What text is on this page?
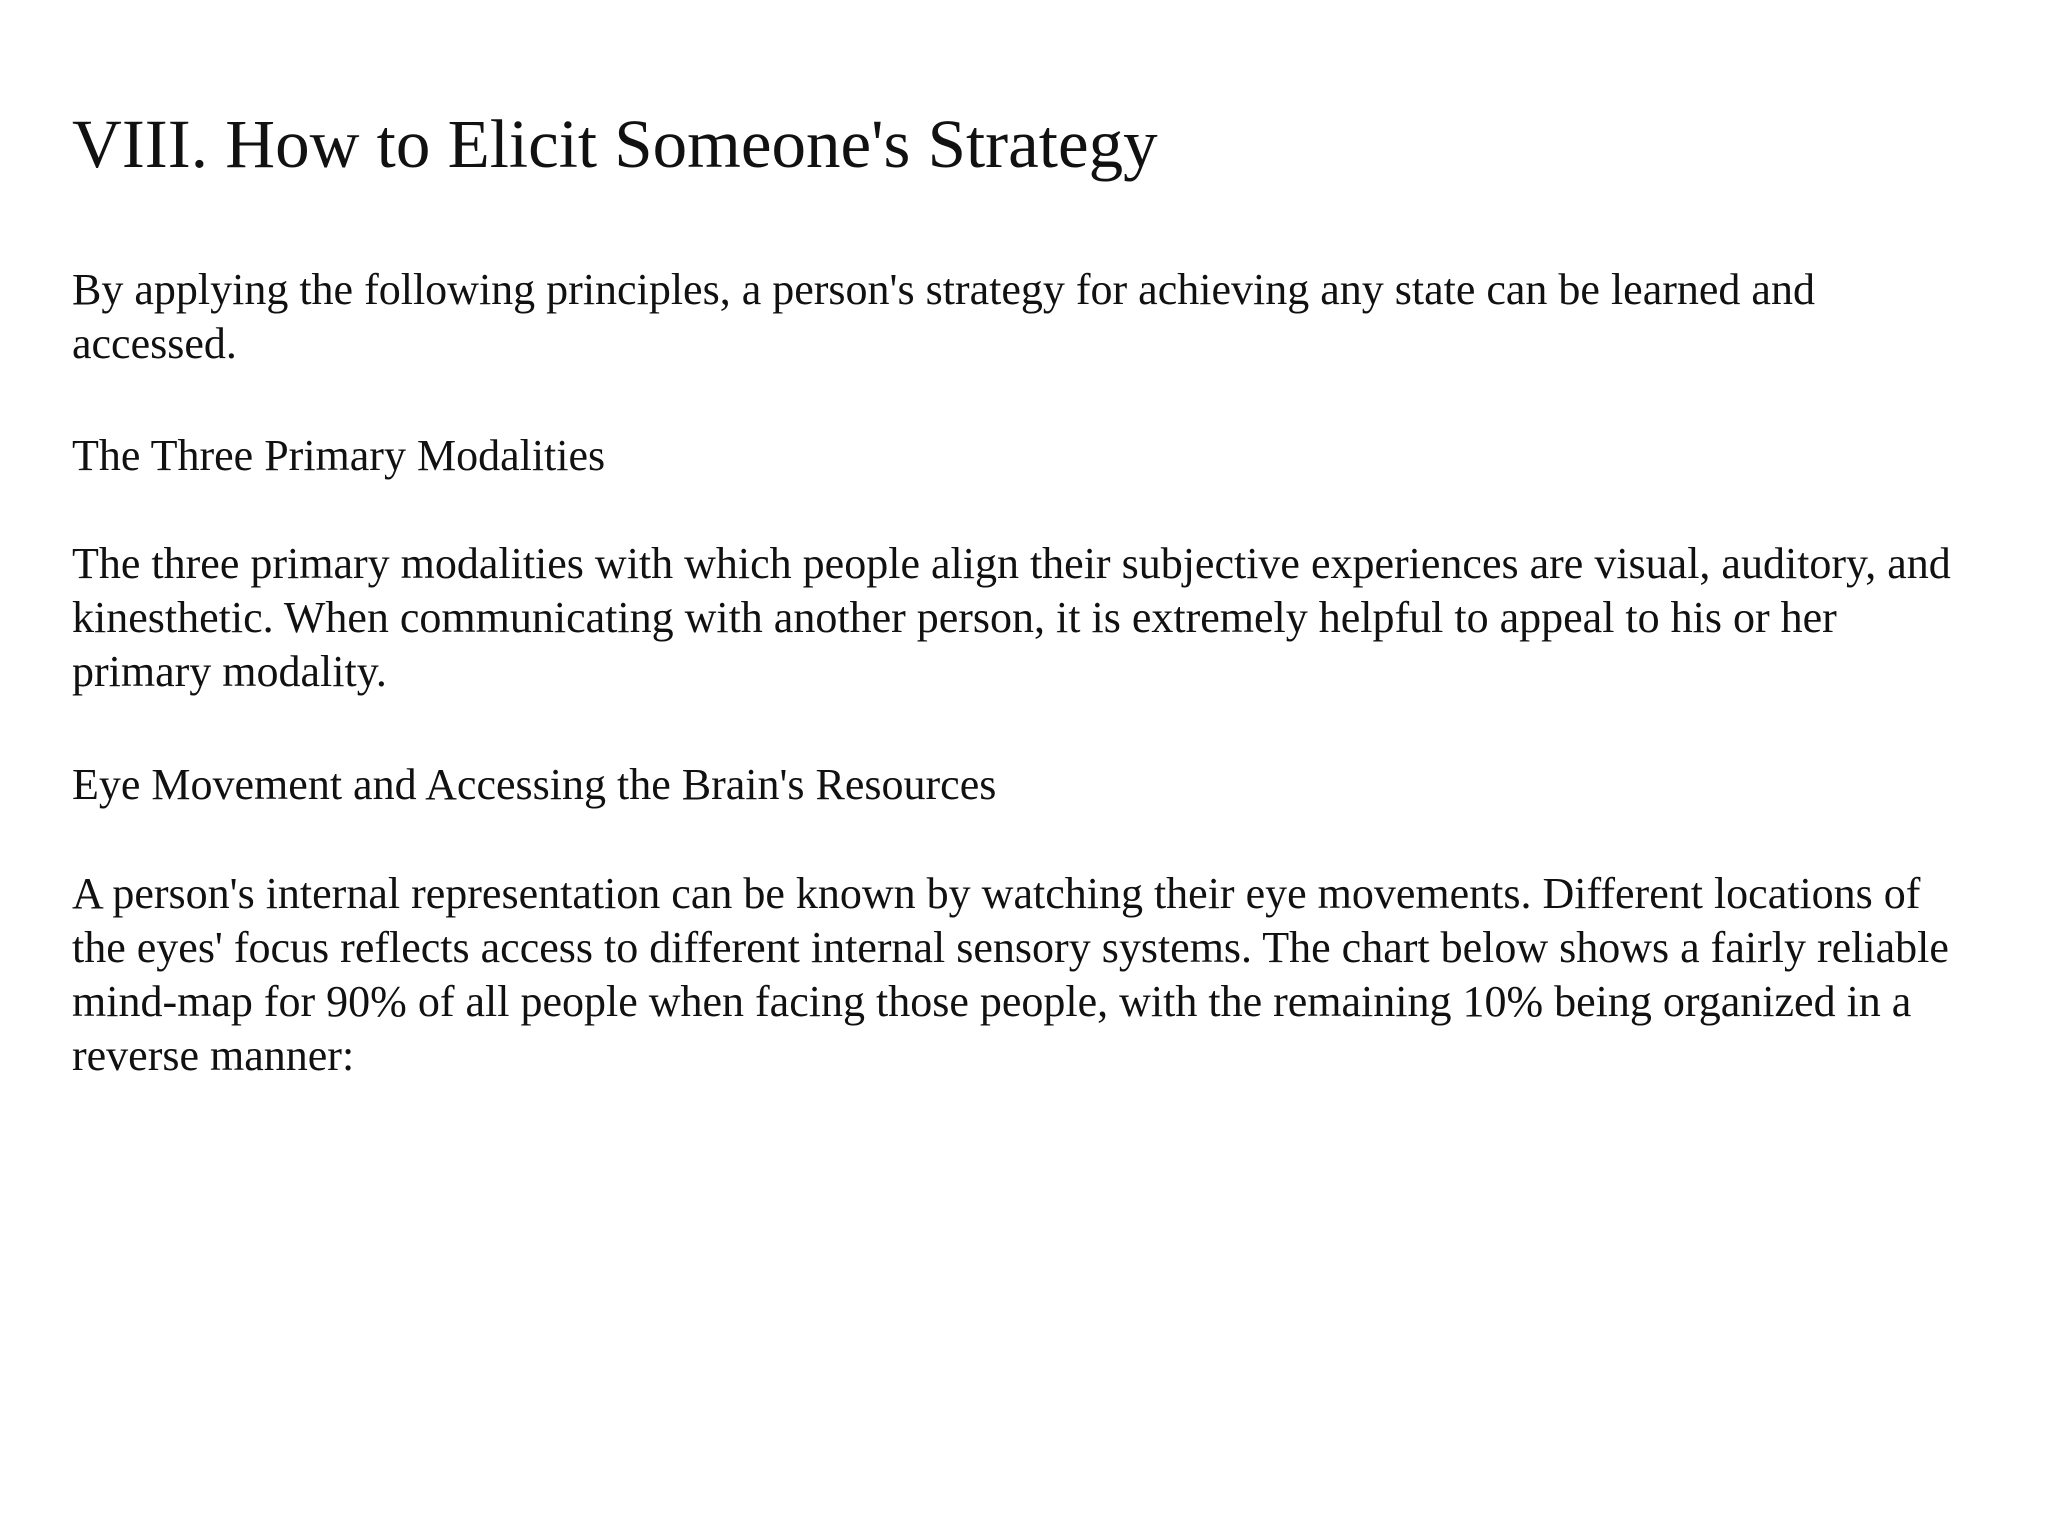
VIII. How to Elicit Someone's Strategy

By applying the following principles, a person's strategy for achieving any state can be learned and
accessed.

The Three Primary Modalities

The three primary modalities with which people align their subjective experiences are visual, auditory, and
kinesthetic. When communicating with another person, it is extremely helpful to appeal to his or her
primary modality.

Eye Movement and Accessing the Brain's Resources

A person's internal representation can be known by watching their eye movements. Different locations of
the eyes' focus reflects access to different internal sensory systems. The chart below shows a fairly reliable
mind-map for 90% of all people when facing those people, with the remaining 10% being organized in a
reverse manner:
